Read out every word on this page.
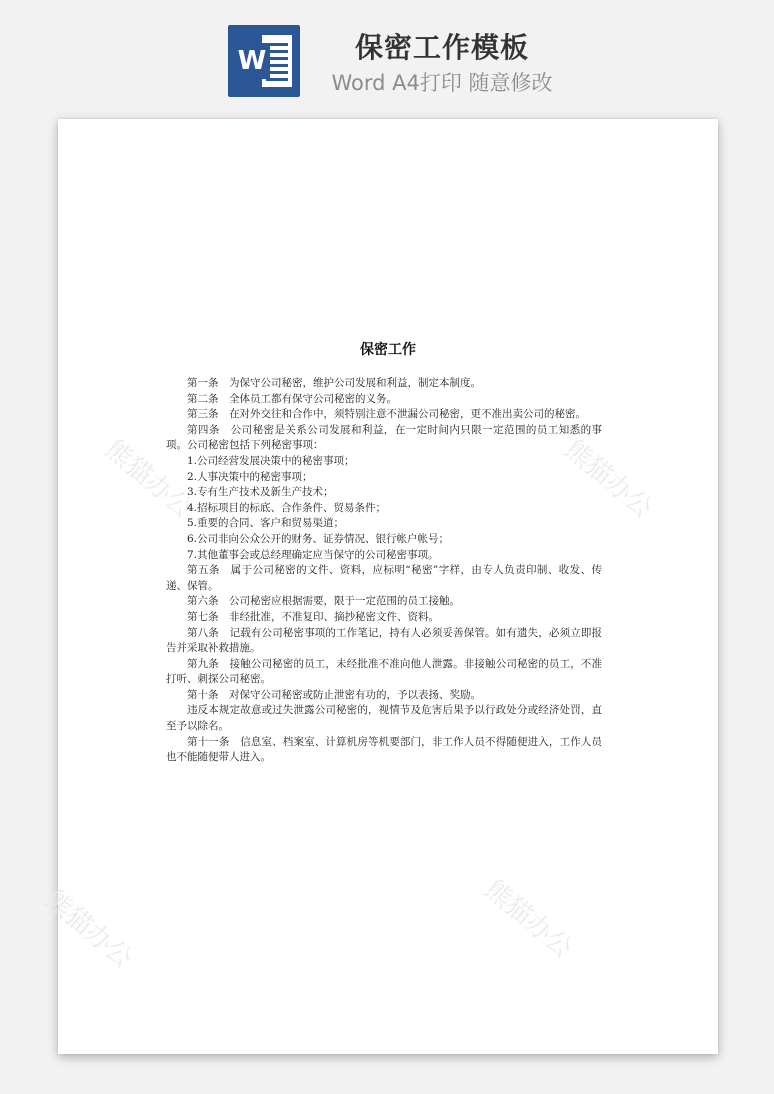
W	保密工作模板
Word A4打印 随意修改
熊猫办公	熊猫办公
熊猫办公	熊猫办公
保密工作

第一条　为保守公司秘密，维护公司发展和利益，制定本制度。

第二条　全体员工都有保守公司秘密的义务。

第三条　在对外交往和合作中，须特别注意不泄漏公司秘密，更不准出卖公司的秘密。

第四条　公司秘密是关系公司发展和利益，在一定时间内只限一定范围的员工知悉的事项。公司秘密包括下列秘密事项：

1.公司经营发展决策中的秘密事项；

2.人事决策中的秘密事项；

3.专有生产技术及新生产技术；

4.招标项目的标底、合作条件、贸易条件；

5.重要的合同、客户和贸易渠道；

6.公司非向公众公开的财务、证券情况、银行帐户帐号；

7.其他董事会或总经理确定应当保守的公司秘密事项。

第五条　属于公司秘密的文件、资料，应标明“秘密”字样，由专人负责印制、收发、传递、保管。

第六条　公司秘密应根据需要，限于一定范围的员工接触。

第七条　非经批准，不准复印、摘抄秘密文件、资料。

第八条　记载有公司秘密事项的工作笔记，持有人必须妥善保管。如有遗失，必须立即报告并采取补救措施。

第九条　接触公司秘密的员工，未经批准不准向他人泄露。非接触公司秘密的员工，不准打听、刺探公司秘密。

第十条　对保守公司秘密或防止泄密有功的，予以表扬、奖励。

违反本规定故意或过失泄露公司秘密的，视情节及危害后果予以行政处分或经济处罚，直至予以除名。

第十一条　信息室、档案室、计算机房等机要部门，非工作人员不得随便进入，工作人员也不能随便带人进入。
